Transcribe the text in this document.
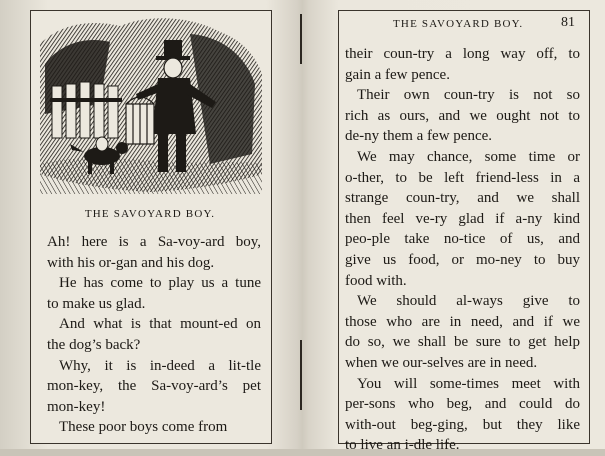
THE SAVOYARD BOY.
Ah! here is a Sa-voy-ard boy,
with his or-gan and his dog.
He has come to play us a tune
to make us glad.
And what is that mount-ed on
the dog’s back?
Why, it is in-deed a lit-tle
mon-key, the Sa-voy-ard’s pet
mon-key!
These poor boys come from
THE SAVOYARD BOY.	81
their coun-try a long way off, to
gain a few pence.
Their own coun-try is not so
rich as ours, and we ought not to
de-ny them a few pence.
We may chance, some time or
o-ther, to be left friend-less in a
strange coun-try, and we shall
then feel ve-ry glad if a-ny kind
peo-ple take no-tice of us, and
give us food, or mo-ney to buy
food with.
We should al-ways give to
those who are in need, and if we
do so, we shall be sure to get help
when we our-selves are in need.
You will some-times meet with
per-sons who beg, and could do
with-out beg-ging, but they like
to live an i-dle life.
